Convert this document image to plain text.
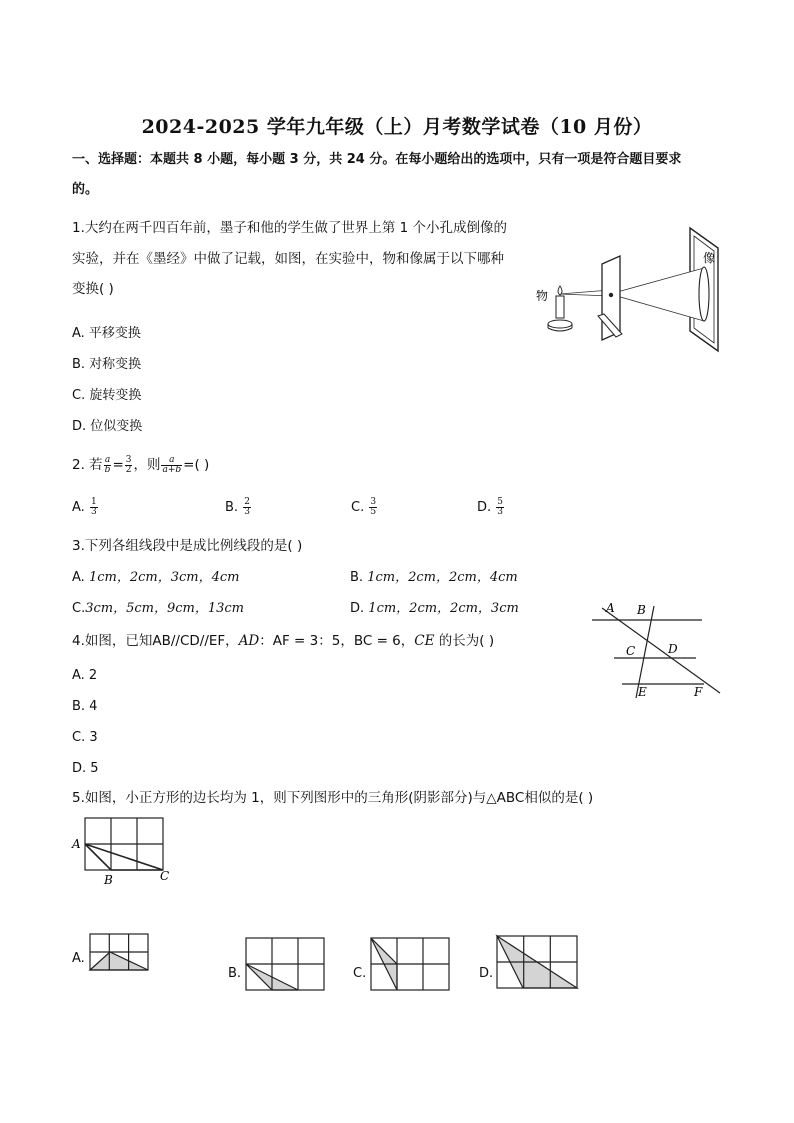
2024-2025 学年九年级（上）月考数学试卷（10 月份）
一、选择题：本题共 8 小题，每小题 3 分，共 24 分。在每小题给出的选项中，只有一项是符合题目要求
的。
1.大约在两千四百年前，墨子和他的学生做了世界上第 1 个小孔成倒像的
实验，并在《墨经》中做了记载，如图，在实验中，物和像属于以下哪种
变换( )
A. 平移变换
B. 对称变换
C. 旋转变换
D. 位似变换
像
物
2. 若 $\frac{a}{b} = \frac{3}{2}$ ，则 $\frac{a}{a+b}$ =( )
A. $\frac{1}{3}$	B. $\frac{2}{3}$	C. $\frac{3}{5}$	D. $\frac{5}{3}$
3.下列各组线段中是成比例线段的是( )
A. 1cm，2cm，3cm，4cm	B. 1cm，2cm，2cm，4cm
C.3cm，5cm，9cm，13cm	D. 1cm，2cm，2cm，3cm
4.如图，已知AB//CD//EF，AD：AF = 3：5，BC = 6，CE 的长为( )
A. 2
B. 4
C. 3
D. 5
A B
C	D
E	F
5.如图，小正方形的边长均为 1，则下列图形中的三角形(阴影部分)与△ABC相似的是( )
A
B	C
A.
B.	C.	D.
